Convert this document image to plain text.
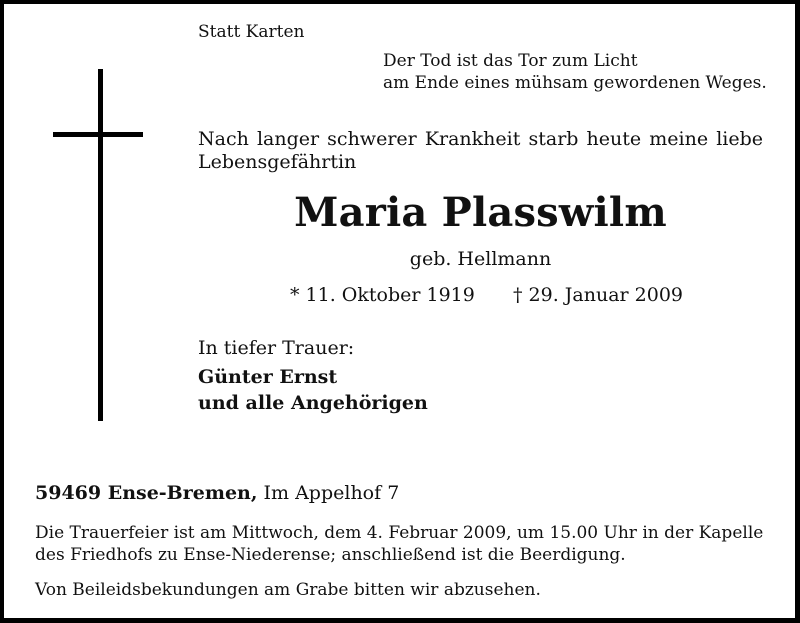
Statt Karten
Der Tod ist das Tor zum Licht
am Ende eines mühsam gewordenen Weges.
Nach langer schwerer Krankheit starb heute meine liebe
Lebensgefährtin
Maria Plasswilm
geb. Hellmann
* 11. Oktober 1919 † 29. Januar 2009
In tiefer Trauer:
Günter Ernst
und alle Angehörigen
59469 Ense-Bremen, Im Appelhof 7
Die Trauerfeier ist am Mittwoch, dem 4. Februar 2009, um 15.00 Uhr in der Kapelle
des Friedhofs zu Ense-Niederense; anschließend ist die Beerdigung.
Von Beileidsbekundungen am Grabe bitten wir abzusehen.
